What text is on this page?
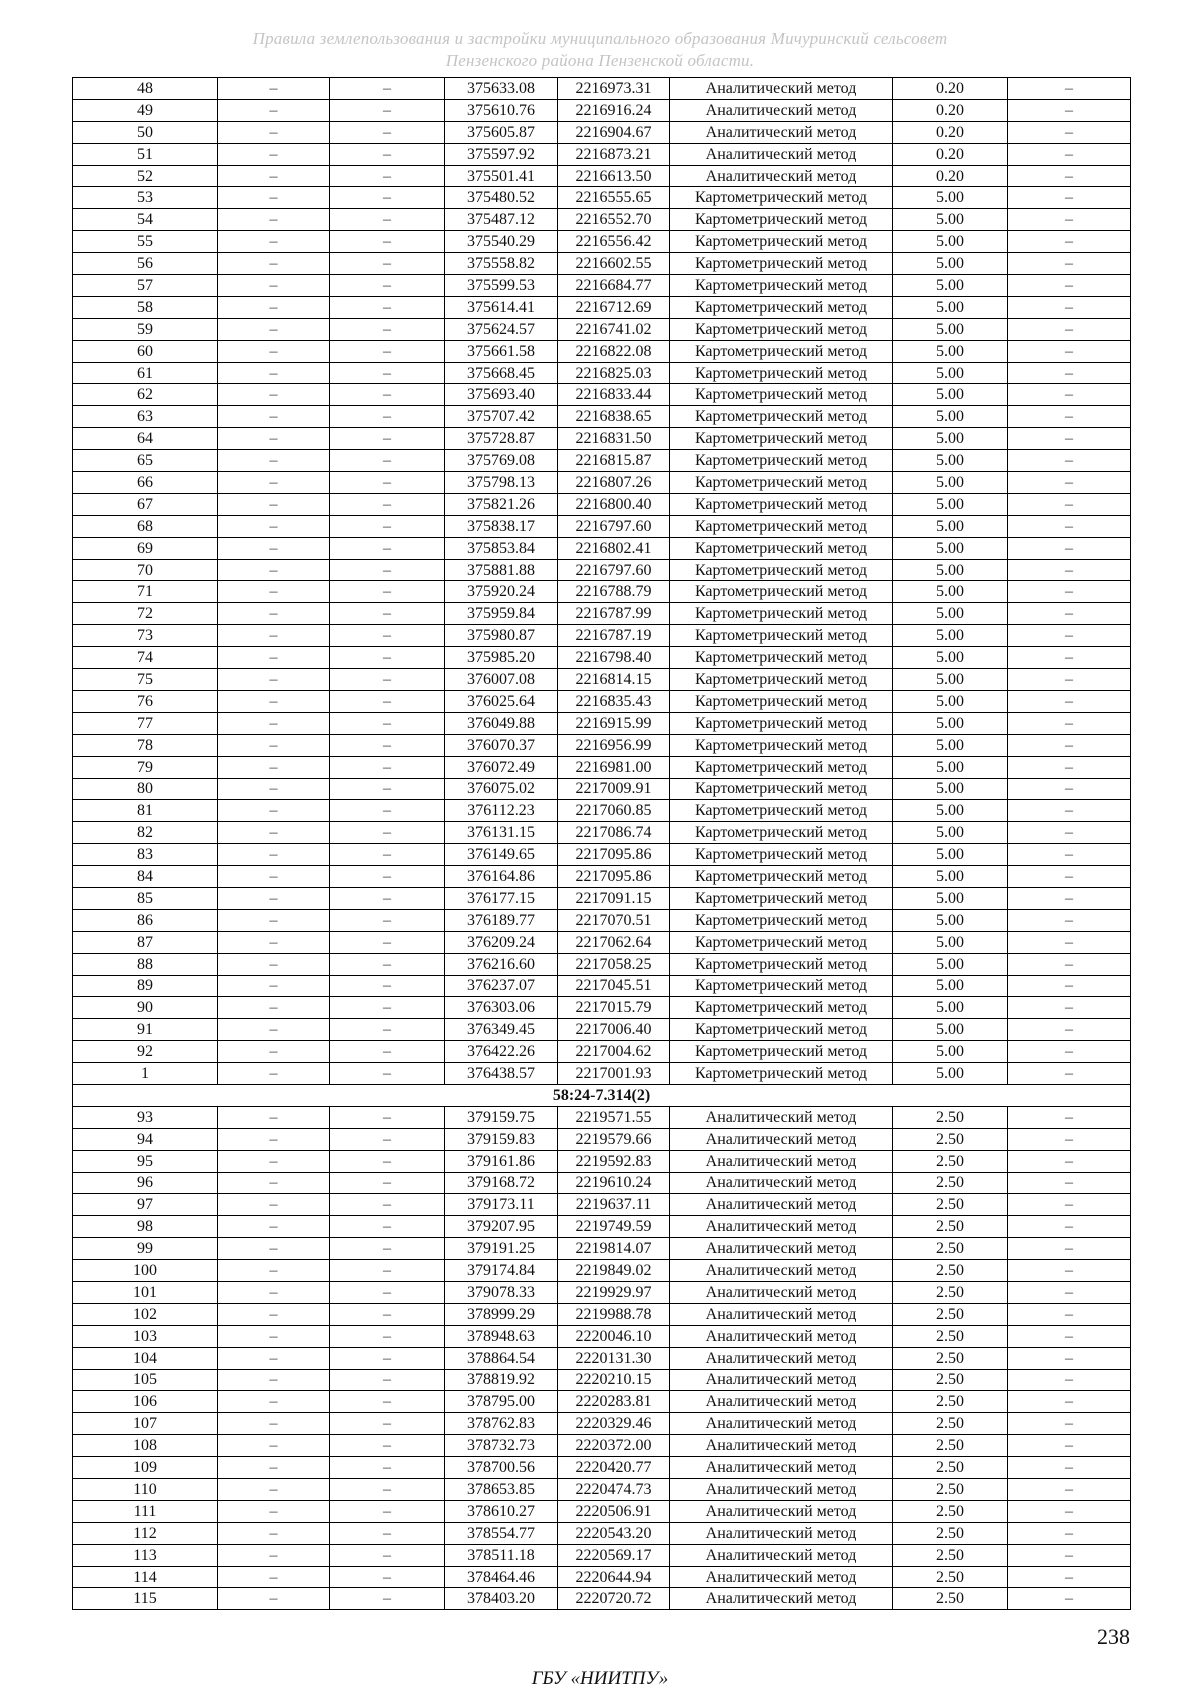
Правила землепользования и застройки муниципального образования Мичуринский сельсовет
Пензенского района Пензенской области.
48	–	–	375633.08	2216973.31	Аналитический метод	0.20	–
49	–	–	375610.76	2216916.24	Аналитический метод	0.20	–
50	–	–	375605.87	2216904.67	Аналитический метод	0.20	–
51	–	–	375597.92	2216873.21	Аналитический метод	0.20	–
52	–	–	375501.41	2216613.50	Аналитический метод	0.20	–
53	–	–	375480.52	2216555.65	Картометрический метод	5.00	–
54	–	–	375487.12	2216552.70	Картометрический метод	5.00	–
55	–	–	375540.29	2216556.42	Картометрический метод	5.00	–
56	–	–	375558.82	2216602.55	Картометрический метод	5.00	–
57	–	–	375599.53	2216684.77	Картометрический метод	5.00	–
58	–	–	375614.41	2216712.69	Картометрический метод	5.00	–
59	–	–	375624.57	2216741.02	Картометрический метод	5.00	–
60	–	–	375661.58	2216822.08	Картометрический метод	5.00	–
61	–	–	375668.45	2216825.03	Картометрический метод	5.00	–
62	–	–	375693.40	2216833.44	Картометрический метод	5.00	–
63	–	–	375707.42	2216838.65	Картометрический метод	5.00	–
64	–	–	375728.87	2216831.50	Картометрический метод	5.00	–
65	–	–	375769.08	2216815.87	Картометрический метод	5.00	–
66	–	–	375798.13	2216807.26	Картометрический метод	5.00	–
67	–	–	375821.26	2216800.40	Картометрический метод	5.00	–
68	–	–	375838.17	2216797.60	Картометрический метод	5.00	–
69	–	–	375853.84	2216802.41	Картометрический метод	5.00	–
70	–	–	375881.88	2216797.60	Картометрический метод	5.00	–
71	–	–	375920.24	2216788.79	Картометрический метод	5.00	–
72	–	–	375959.84	2216787.99	Картометрический метод	5.00	–
73	–	–	375980.87	2216787.19	Картометрический метод	5.00	–
74	–	–	375985.20	2216798.40	Картометрический метод	5.00	–
75	–	–	376007.08	2216814.15	Картометрический метод	5.00	–
76	–	–	376025.64	2216835.43	Картометрический метод	5.00	–
77	–	–	376049.88	2216915.99	Картометрический метод	5.00	–
78	–	–	376070.37	2216956.99	Картометрический метод	5.00	–
79	–	–	376072.49	2216981.00	Картометрический метод	5.00	–
80	–	–	376075.02	2217009.91	Картометрический метод	5.00	–
81	–	–	376112.23	2217060.85	Картометрический метод	5.00	–
82	–	–	376131.15	2217086.74	Картометрический метод	5.00	–
83	–	–	376149.65	2217095.86	Картометрический метод	5.00	–
84	–	–	376164.86	2217095.86	Картометрический метод	5.00	–
85	–	–	376177.15	2217091.15	Картометрический метод	5.00	–
86	–	–	376189.77	2217070.51	Картометрический метод	5.00	–
87	–	–	376209.24	2217062.64	Картометрический метод	5.00	–
88	–	–	376216.60	2217058.25	Картометрический метод	5.00	–
89	–	–	376237.07	2217045.51	Картометрический метод	5.00	–
90	–	–	376303.06	2217015.79	Картометрический метод	5.00	–
91	–	–	376349.45	2217006.40	Картометрический метод	5.00	–
92	–	–	376422.26	2217004.62	Картометрический метод	5.00	–
1	–	–	376438.57	2217001.93	Картометрический метод	5.00	–
58:24-7.314(2)							
93	–	–	379159.75	2219571.55	Аналитический метод	2.50	–
94	–	–	379159.83	2219579.66	Аналитический метод	2.50	–
95	–	–	379161.86	2219592.83	Аналитический метод	2.50	–
96	–	–	379168.72	2219610.24	Аналитический метод	2.50	–
97	–	–	379173.11	2219637.11	Аналитический метод	2.50	–
98	–	–	379207.95	2219749.59	Аналитический метод	2.50	–
99	–	–	379191.25	2219814.07	Аналитический метод	2.50	–
100	–	–	379174.84	2219849.02	Аналитический метод	2.50	–
101	–	–	379078.33	2219929.97	Аналитический метод	2.50	–
102	–	–	378999.29	2219988.78	Аналитический метод	2.50	–
103	–	–	378948.63	2220046.10	Аналитический метод	2.50	–
104	–	–	378864.54	2220131.30	Аналитический метод	2.50	–
105	–	–	378819.92	2220210.15	Аналитический метод	2.50	–
106	–	–	378795.00	2220283.81	Аналитический метод	2.50	–
107	–	–	378762.83	2220329.46	Аналитический метод	2.50	–
108	–	–	378732.73	2220372.00	Аналитический метод	2.50	–
109	–	–	378700.56	2220420.77	Аналитический метод	2.50	–
110	–	–	378653.85	2220474.73	Аналитический метод	2.50	–
111	–	–	378610.27	2220506.91	Аналитический метод	2.50	–
112	–	–	378554.77	2220543.20	Аналитический метод	2.50	–
113	–	–	378511.18	2220569.17	Аналитический метод	2.50	–
114	–	–	378464.46	2220644.94	Аналитический метод	2.50	–
115	–	–	378403.20	2220720.72	Аналитический метод	2.50	–
238
ГБУ «НИИТПУ»
